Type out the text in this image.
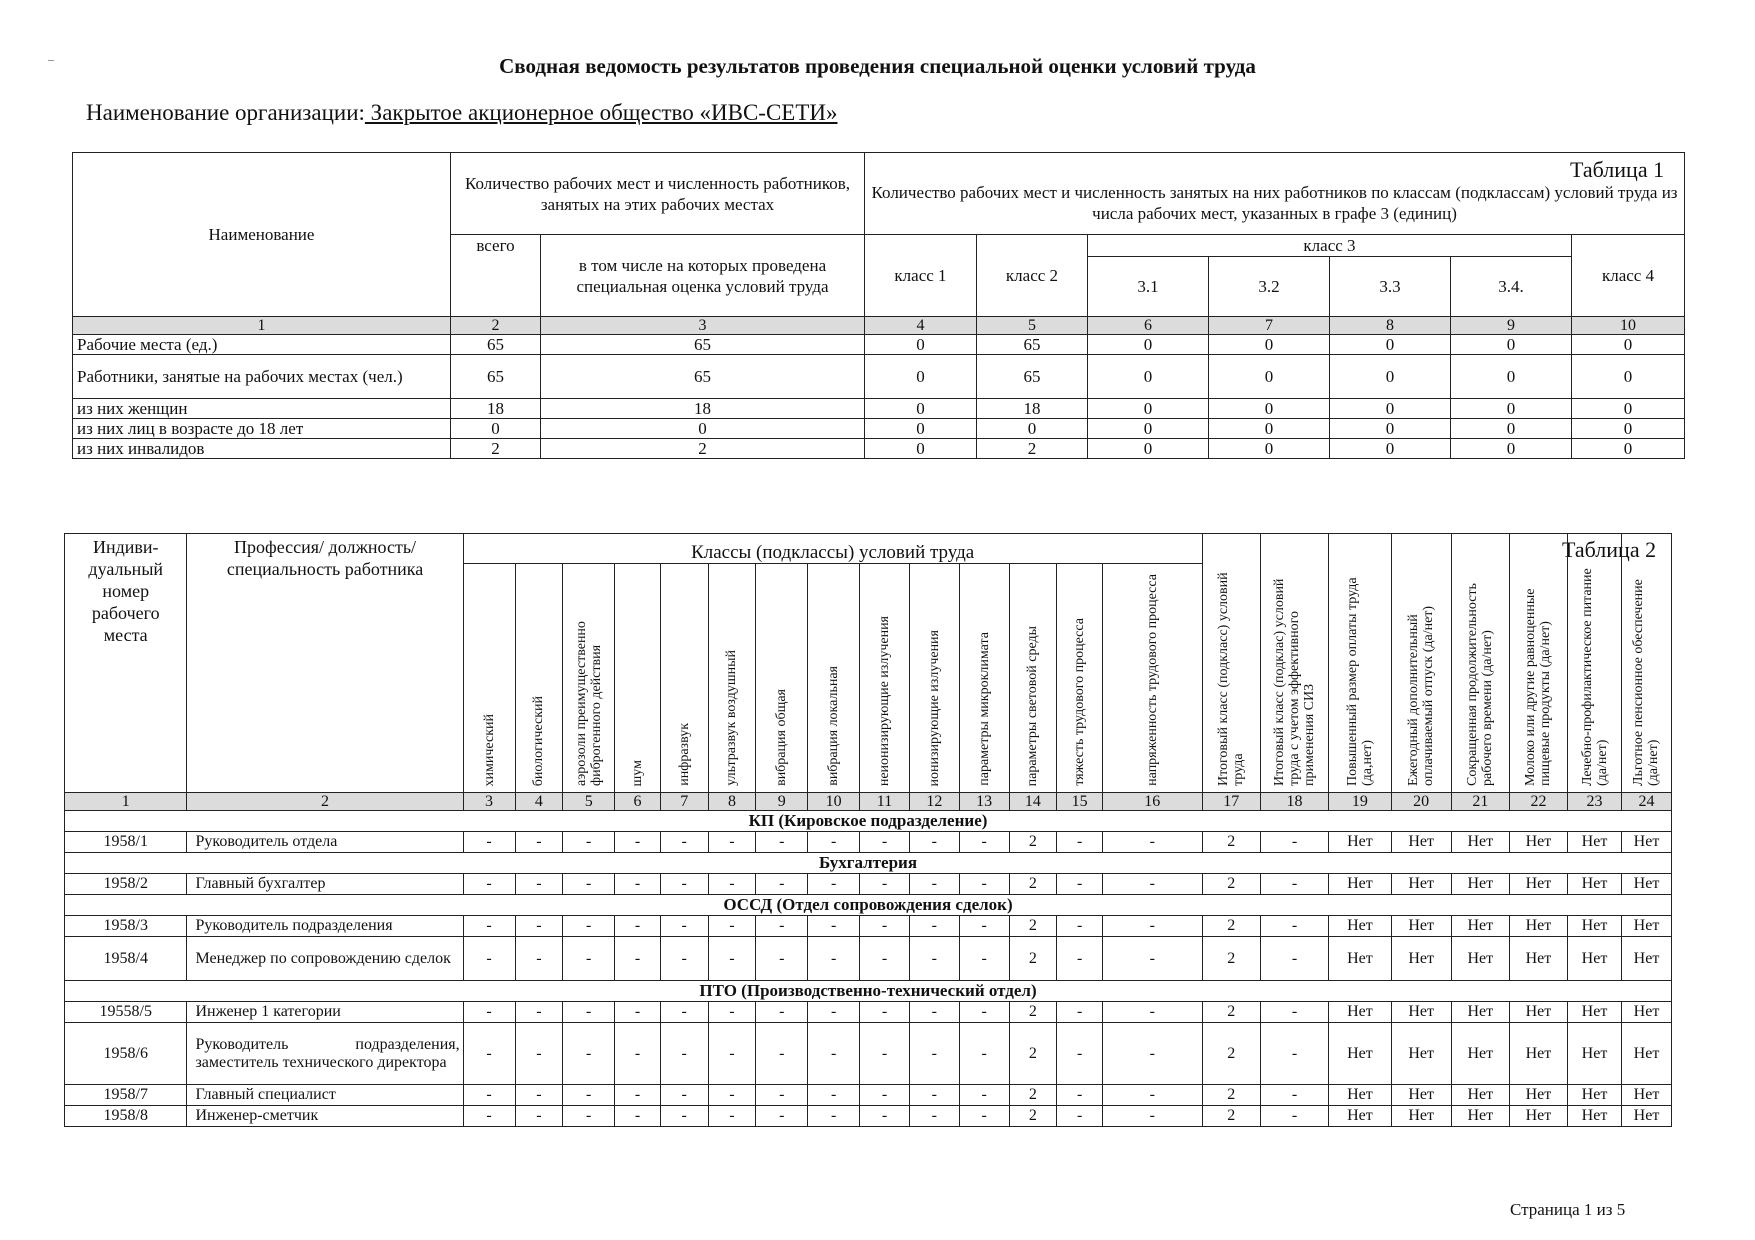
Сводная ведомость результатов проведения специальной оценки условий труда
Наименование организации: Закрытое акционерное общество «ИВС-СЕТИ»
Таблица 1
Таблица 2
Наименование	Количество рабочих мест и численность работников, занятых на этих рабочих местах		Количество рабочих мест и численность занятых на них работников по классам (подклассам) условий труда из числа рабочих мест, указанных в графе 3 (единиц)						
	всего	в том числе на которых проведена специальная оценка условий труда	класс 1	класс 2	класс 3				класс 4
					3.1	3.2	3.3	3.4.	
1	2	3	4	5	6	7	8	9	10
Рабочие места (ед.)	65	65	0	65	0	0	0	0	0
Работники, занятые на рабочих местах (чел.)	65	65	0	65	0	0	0	0	0
из них женщин	18	18	0	18	0	0	0	0	0
из них лиц в возрасте до 18 лет	0	0	0	0	0	0	0	0	0
из них инвалидов	2	2	0	2	0	0	0	0	0
Индиви-дуальный номер рабочего места	Профессия/ должность/ специальность работника	Классы (подклассы) условий труда														Итоговый класс (подкласс) условий труда	Итоговый класс (подклас) условий труда с учетом эффективного применения СИЗ	Повышенный размер оплаты труда (да,нет)	Ежегодный дополнительный оплачиваемый отпуск (да/нет)	Сокращенная продолжительность рабочего времени (да/нет)	Молоко или другие равноценные пищевые продукты (да/нет)	Лечебно-профилактическое питание (да/нет)	Льготное пенсионное обеспечение (да/нет)
		химический	биологический	аэрозоли преимущественно фиброгенного действия	шум	инфразвук	ультразвук воздушный	вибрация общая	вибрация локальная	неионизирующие излучения	ионизирующие излучения	параметры микроклимата	параметры световой среды	тяжесть трудового процесса	напряженность трудового процесса								
1	2	3	4	5	6	7	8	9	10	11	12	13	14	15	16	17	18	19	20	21	22	23	24
КП (Кировское подразделение)																							
1958/1	Руководитель отдела	-	-	-	-	-	-	-	-	-	-	-	2	-	-	2	-	Нет	Нет	Нет	Нет	Нет	Нет
Бухгалтерия																							
1958/2	Главный бухгалтер	-	-	-	-	-	-	-	-	-	-	-	2	-	-	2	-	Нет	Нет	Нет	Нет	Нет	Нет
ОССД (Отдел сопровождения сделок)																							
1958/3	Руководитель подразделения	-	-	-	-	-	-	-	-	-	-	-	2	-	-	2	-	Нет	Нет	Нет	Нет	Нет	Нет
1958/4	Менеджер по сопровождению сделок	-	-	-	-	-	-	-	-	-	-	-	2	-	-	2	-	Нет	Нет	Нет	Нет	Нет	Нет
ПТО (Производственно-технический отдел)																							
19558/5	Инженер 1 категории	-	-	-	-	-	-	-	-	-	-	-	2	-	-	2	-	Нет	Нет	Нет	Нет	Нет	Нет
1958/6	Руководитель подразделения, заместитель технического директора	-	-	-	-	-	-	-	-	-	-	-	2	-	-	2	-	Нет	Нет	Нет	Нет	Нет	Нет
1958/7	Главный специалист	-	-	-	-	-	-	-	-	-	-	-	2	-	-	2	-	Нет	Нет	Нет	Нет	Нет	Нет
1958/8	Инженер-сметчик	-	-	-	-	-	-	-	-	-	-	-	2	-	-	2	-	Нет	Нет	Нет	Нет	Нет	Нет
Страница 1 из 5
